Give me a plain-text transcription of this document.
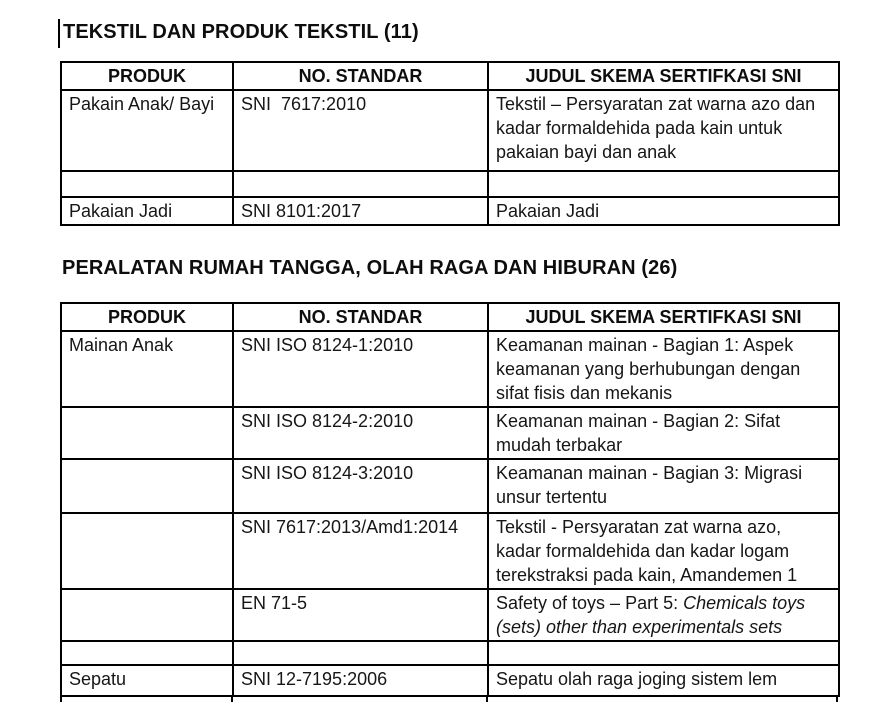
TEKSTIL DAN PRODUK TEKSTIL (11)
PRODUK	NO. STANDAR	JUDUL SKEMA SERTIFKASI SNI
Pakain Anak/ Bayi	SNI  7617:2010	Tekstil – Persyaratan zat warna azo dan kadar formaldehida pada kain untuk pakaian bayi dan anak

Pakaian Jadi	SNI 8101:2017	Pakaian Jadi
PERALATAN RUMAH TANGGA, OLAH RAGA DAN HIBURAN (26)
PRODUK	NO. STANDAR	JUDUL SKEMA SERTIFKASI SNI
Mainan Anak	SNI ISO 8124-1:2010	Keamanan mainan - Bagian 1: Aspek keamanan yang berhubungan dengan sifat fisis dan mekanis
	SNI ISO 8124-2:2010	Keamanan mainan - Bagian 2: Sifat mudah terbakar
	SNI ISO 8124-3:2010	Keamanan mainan - Bagian 3: Migrasi unsur tertentu
	SNI 7617:2013/Amd1:2014	Tekstil - Persyaratan zat warna azo, kadar formaldehida dan kadar logam terekstraksi pada kain, Amandemen 1
	EN 71-5	Safety of toys – Part 5: Chemicals toys (sets) other than experimentals sets

Sepatu	SNI 12-7195:2006	Sepatu olah raga joging sistem lem
